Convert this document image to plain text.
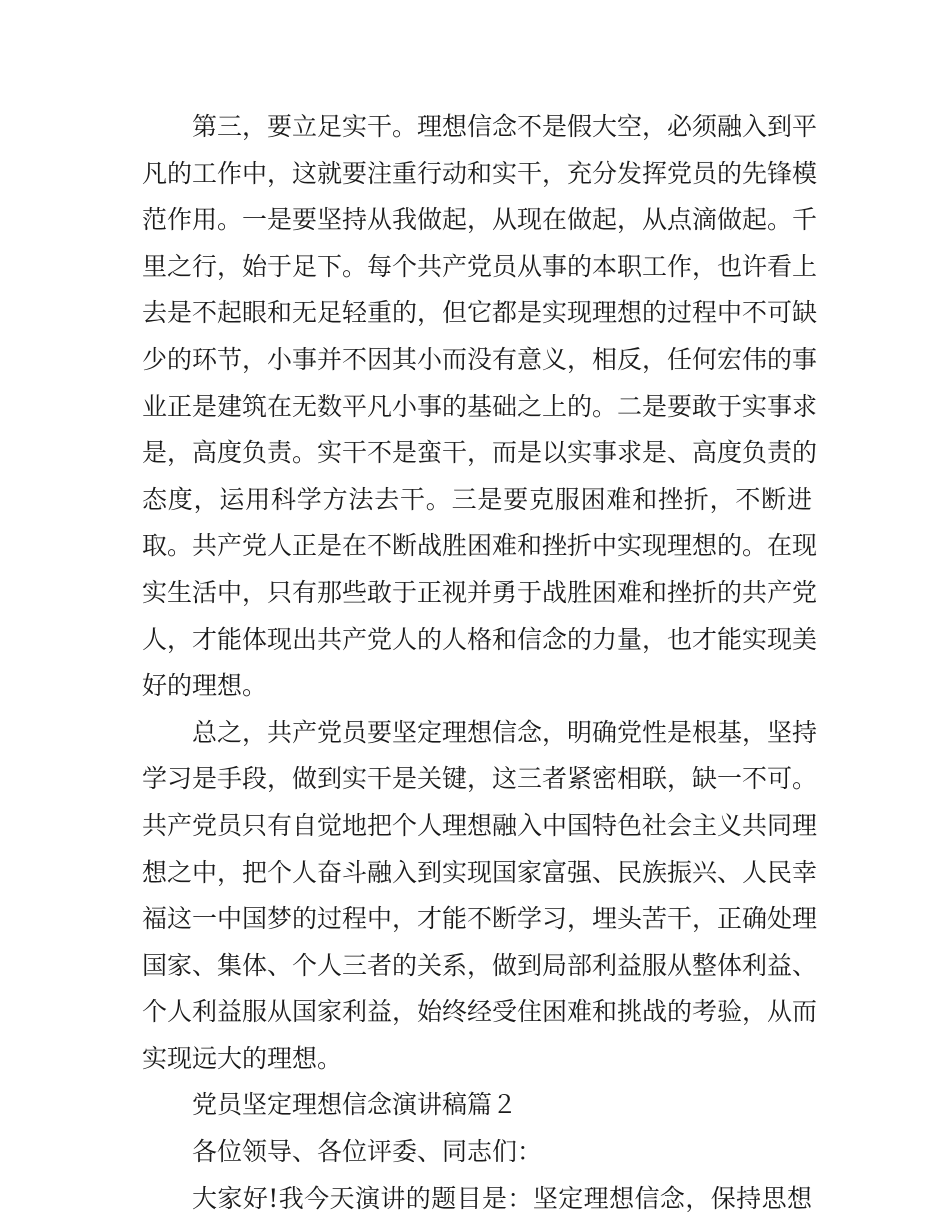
第三，要立足实干。理想信念不是假大空，必须融入到平
凡的工作中，这就要注重行动和实干，充分发挥党员的先锋模
范作用。一是要坚持从我做起，从现在做起，从点滴做起。千
里之行，始于足下。每个共产党员从事的本职工作，也许看上
去是不起眼和无足轻重的，但它都是实现理想的过程中不可缺
少的环节，小事并不因其小而没有意义，相反，任何宏伟的事
业正是建筑在无数平凡小事的基础之上的。二是要敢于实事求
是，高度负责。实干不是蛮干，而是以实事求是、高度负责的
态度，运用科学方法去干。三是要克服困难和挫折，不断进
取。共产党人正是在不断战胜困难和挫折中实现理想的。在现
实生活中，只有那些敢于正视并勇于战胜困难和挫折的共产党
人，才能体现出共产党人的人格和信念的力量，也才能实现美
好的理想。
总之，共产党员要坚定理想信念，明确党性是根基，坚持
学习是手段，做到实干是关键，这三者紧密相联，缺一不可。
共产党员只有自觉地把个人理想融入中国特色社会主义共同理
想之中，把个人奋斗融入到实现国家富强、民族振兴、人民幸
福这一中国梦的过程中，才能不断学习，埋头苦干，正确处理
国家、集体、个人三者的关系，做到局部利益服从整体利益、
个人利益服从国家利益，始终经受住困难和挑战的考验，从而
实现远大的理想。
党员坚定理想信念演讲稿篇２
各位领导、各位评委、同志们：
大家好!我今天演讲的题目是：坚定理想信念，保持思想
